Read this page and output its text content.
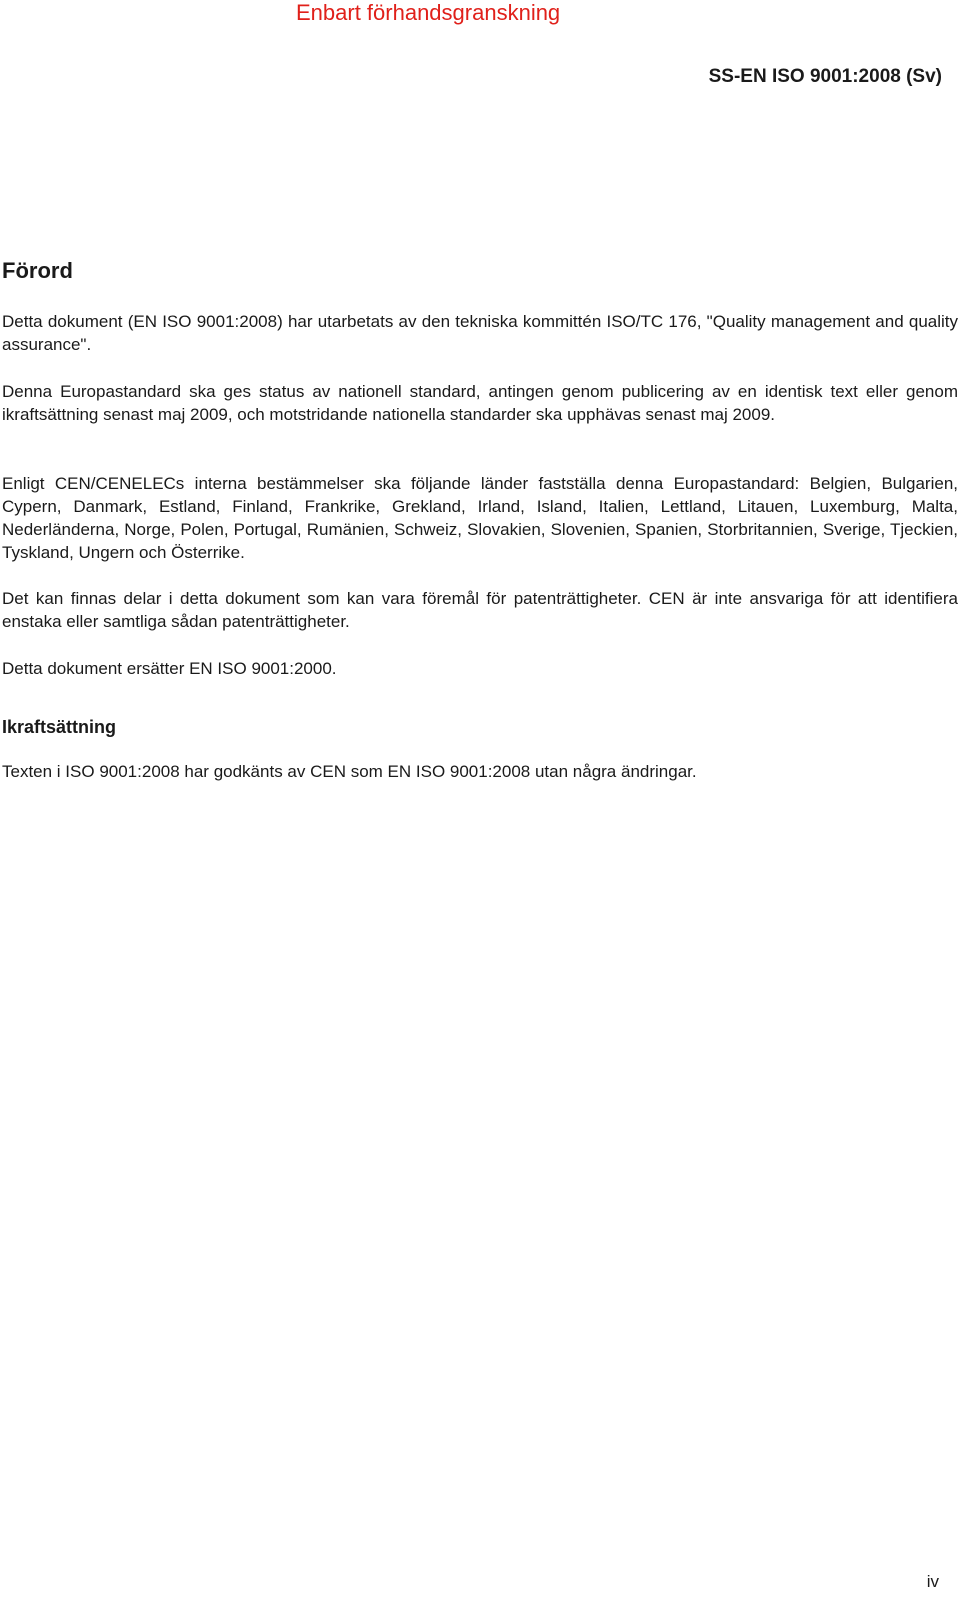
Enbart förhandsgranskning
SS-EN ISO 9001:2008 (Sv)
Förord

Detta dokument (EN ISO 9001:2008) har utarbetats av den tekniska kommittén ISO/TC 176, "Quality management and quality assurance".

Denna Europastandard ska ges status av nationell standard, antingen genom publicering av en identisk text eller genom ikraftsättning senast maj 2009, och motstridande nationella standarder ska upphävas senast maj 2009.

Enligt CEN/CENELECs interna bestämmelser ska följande länder fastställa denna Europastandard: Belgien, Bulgarien, Cypern, Danmark, Estland, Finland, Frankrike, Grekland, Irland, Island, Italien, Lettland, Litauen, Luxemburg, Malta, Nederländerna, Norge, Polen, Portugal, Rumänien, Schweiz, Slovakien, Slovenien, Spanien, Storbritannien, Sverige, Tjeckien, Tyskland, Ungern och Österrike.

Det kan finnas delar i detta dokument som kan vara föremål för patenträttigheter. CEN är inte ansvariga för att identifiera enstaka eller samtliga sådan patenträttigheter.

Detta dokument ersätter EN ISO 9001:2000.

Ikraftsättning

Texten i ISO 9001:2008 har godkänts av CEN som EN ISO 9001:2008 utan några ändringar.

iv
